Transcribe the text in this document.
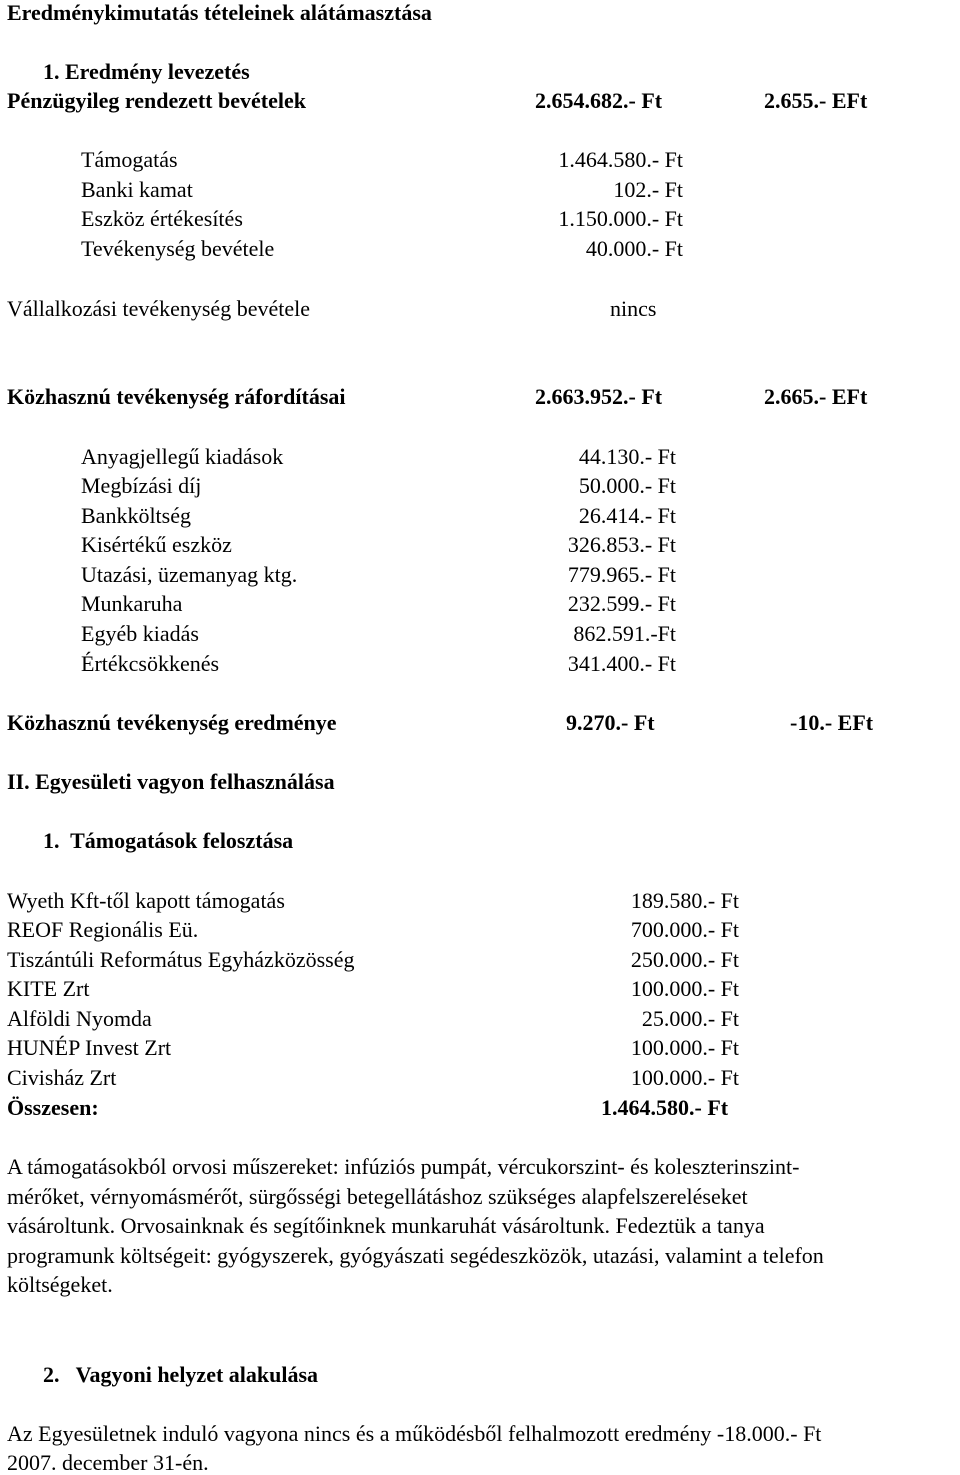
Eredménykimutatás tételeinek alátámasztása
1. Eredmény levezetés
Pénzügyileg rendezett bevételek	2.654.682.- Ft	2.655.- EFt
Támogatás	1.464.580.- Ft
Banki kamat	102.- Ft
Eszköz értékesítés	1.150.000.- Ft
Tevékenység bevétele	40.000.- Ft
Vállalkozási tevékenység bevétele	nincs
Közhasznú tevékenység ráfordításai	2.663.952.- Ft	2.665.- EFt
Anyagjellegű kiadások	44.130.- Ft
Megbízási díj	50.000.- Ft
Bankköltség	26.414.- Ft
Kisértékű eszköz	326.853.- Ft
Utazási, üzemanyag ktg.	779.965.- Ft
Munkaruha	232.599.- Ft
Egyéb kiadás	862.591.-Ft
Értékcsökkenés	341.400.- Ft
Közhasznú tevékenység eredménye	9.270.- Ft	-10.- EFt
II. Egyesületi vagyon felhasználása
1.  Támogatások felosztása
Wyeth Kft-től kapott támogatás	189.580.- Ft
REOF Regionális Eü.	700.000.- Ft
Tiszántúli Református Egyházközösség	250.000.- Ft
KITE Zrt	100.000.- Ft
Alföldi Nyomda	25.000.- Ft
HUNÉP Invest Zrt	100.000.- Ft
Civisház Zrt	100.000.- Ft
Összesen:	1.464.580.- Ft
A támogatásokból orvosi műszereket: infúziós pumpát, vércukorszint- és koleszterinszint-
mérőket, vérnyomásmérőt, sürgősségi betegellátáshoz szükséges alapfelszereléseket
vásároltunk. Orvosainknak és segítőinknek munkaruhát vásároltunk. Fedeztük a tanya
programunk költségeit: gyógyszerek, gyógyászati segédeszközök, utazási, valamint a telefon
költségeket.
2.   Vagyoni helyzet alakulása
Az Egyesületnek induló vagyona nincs és a működésből felhalmozott eredmény -18.000.- Ft
2007. december 31-én.
